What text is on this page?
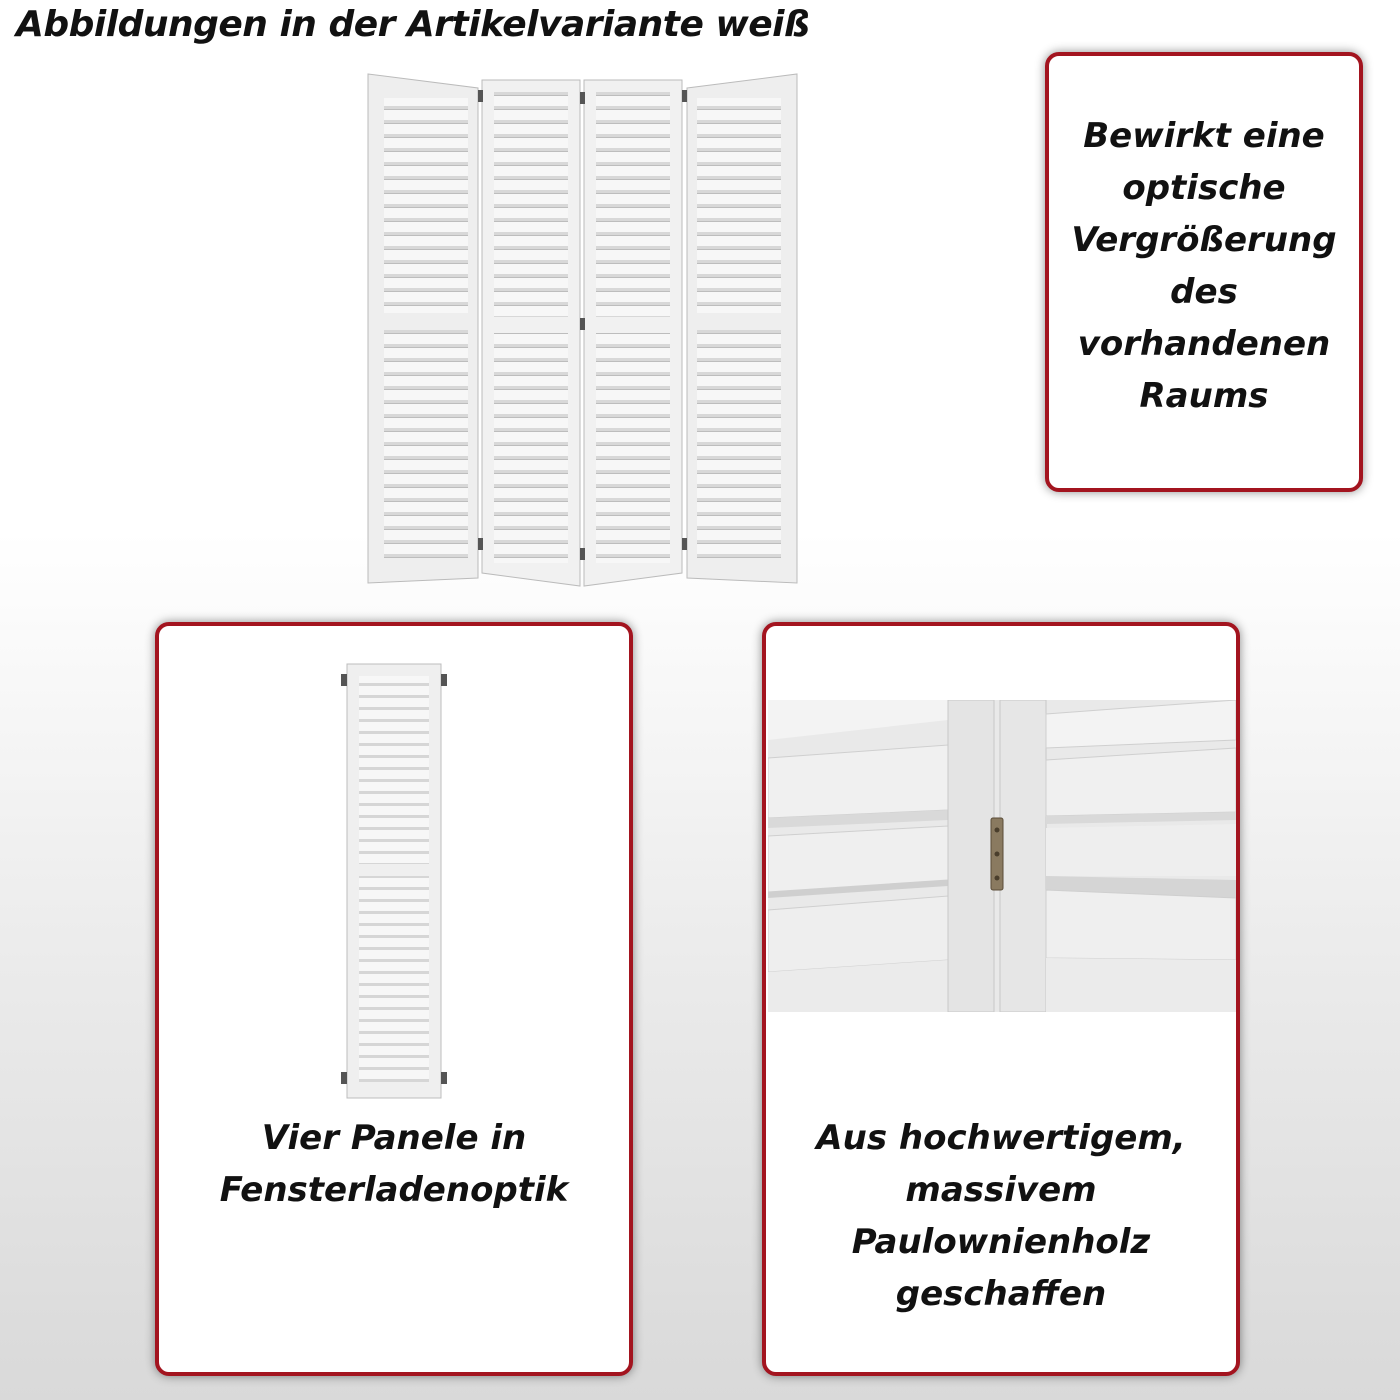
Abbildungen in der Artikelvariante weiß
Bewirkt eine
optische
Vergrößerung
des
vorhandenen
Raums
Vier Panele in
Fensterladenoptik
Aus hochwertigem,
massivem
Paulownienholz
geschaffen
